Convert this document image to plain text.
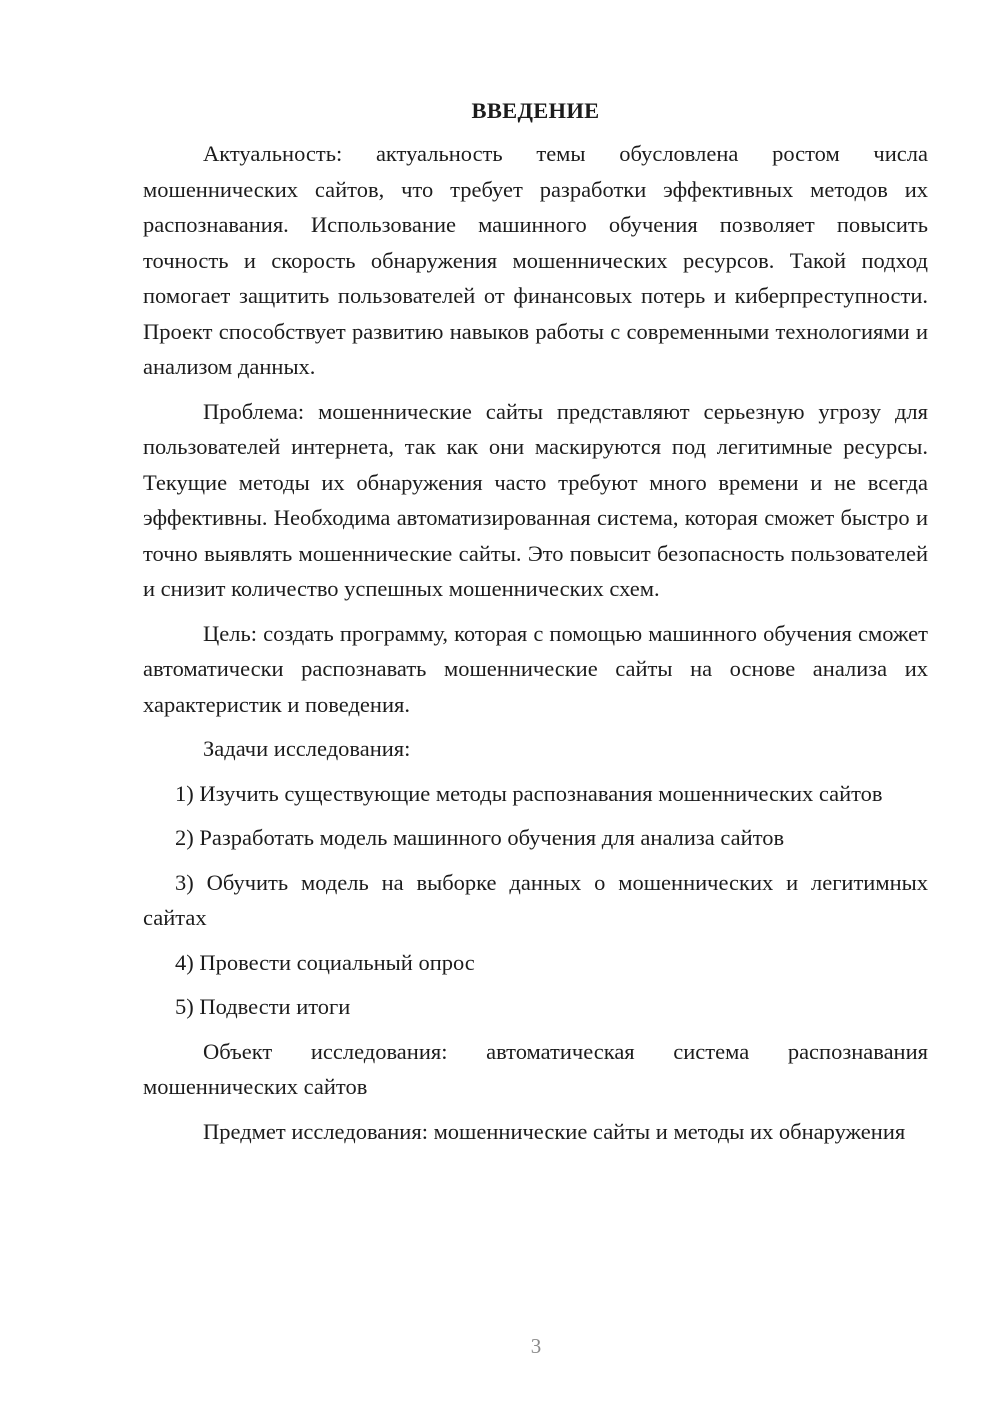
ВВЕДЕНИЕ

Актуальность: актуальность темы обусловлена ростом числа мошеннических сайтов, что требует разработки эффективных методов их распознавания. Использование машинного обучения позволяет повысить точность и скорость обнаружения мошеннических ресурсов. Такой подход помогает защитить пользователей от финансовых потерь и киберпреступности. Проект способствует развитию навыков работы с современными технологиями и анализом данных.

Проблема: мошеннические сайты представляют серьезную угрозу для пользователей интернета, так как они маскируются под легитимные ресурсы. Текущие методы их обнаружения часто требуют много времени и не всегда эффективны. Необходима автоматизированная система, которая сможет быстро и точно выявлять мошеннические сайты. Это повысит безопасность пользователей и снизит количество успешных мошеннических схем.

Цель: создать программу, которая с помощью машинного обучения сможет автоматически распознавать мошеннические сайты на основе анализа их характеристик и поведения.

Задачи исследования:

1) Изучить существующие методы распознавания мошеннических сайтов

2) Разработать модель машинного обучения для анализа сайтов

3) Обучить модель на выборке данных о мошеннических и легитимных сайтах

4) Провести социальный опрос

5) Подвести итоги

Объект исследования: автоматическая система распознавания мошеннических сайтов

Предмет исследования: мошеннические сайты и методы их обнаружения

3
